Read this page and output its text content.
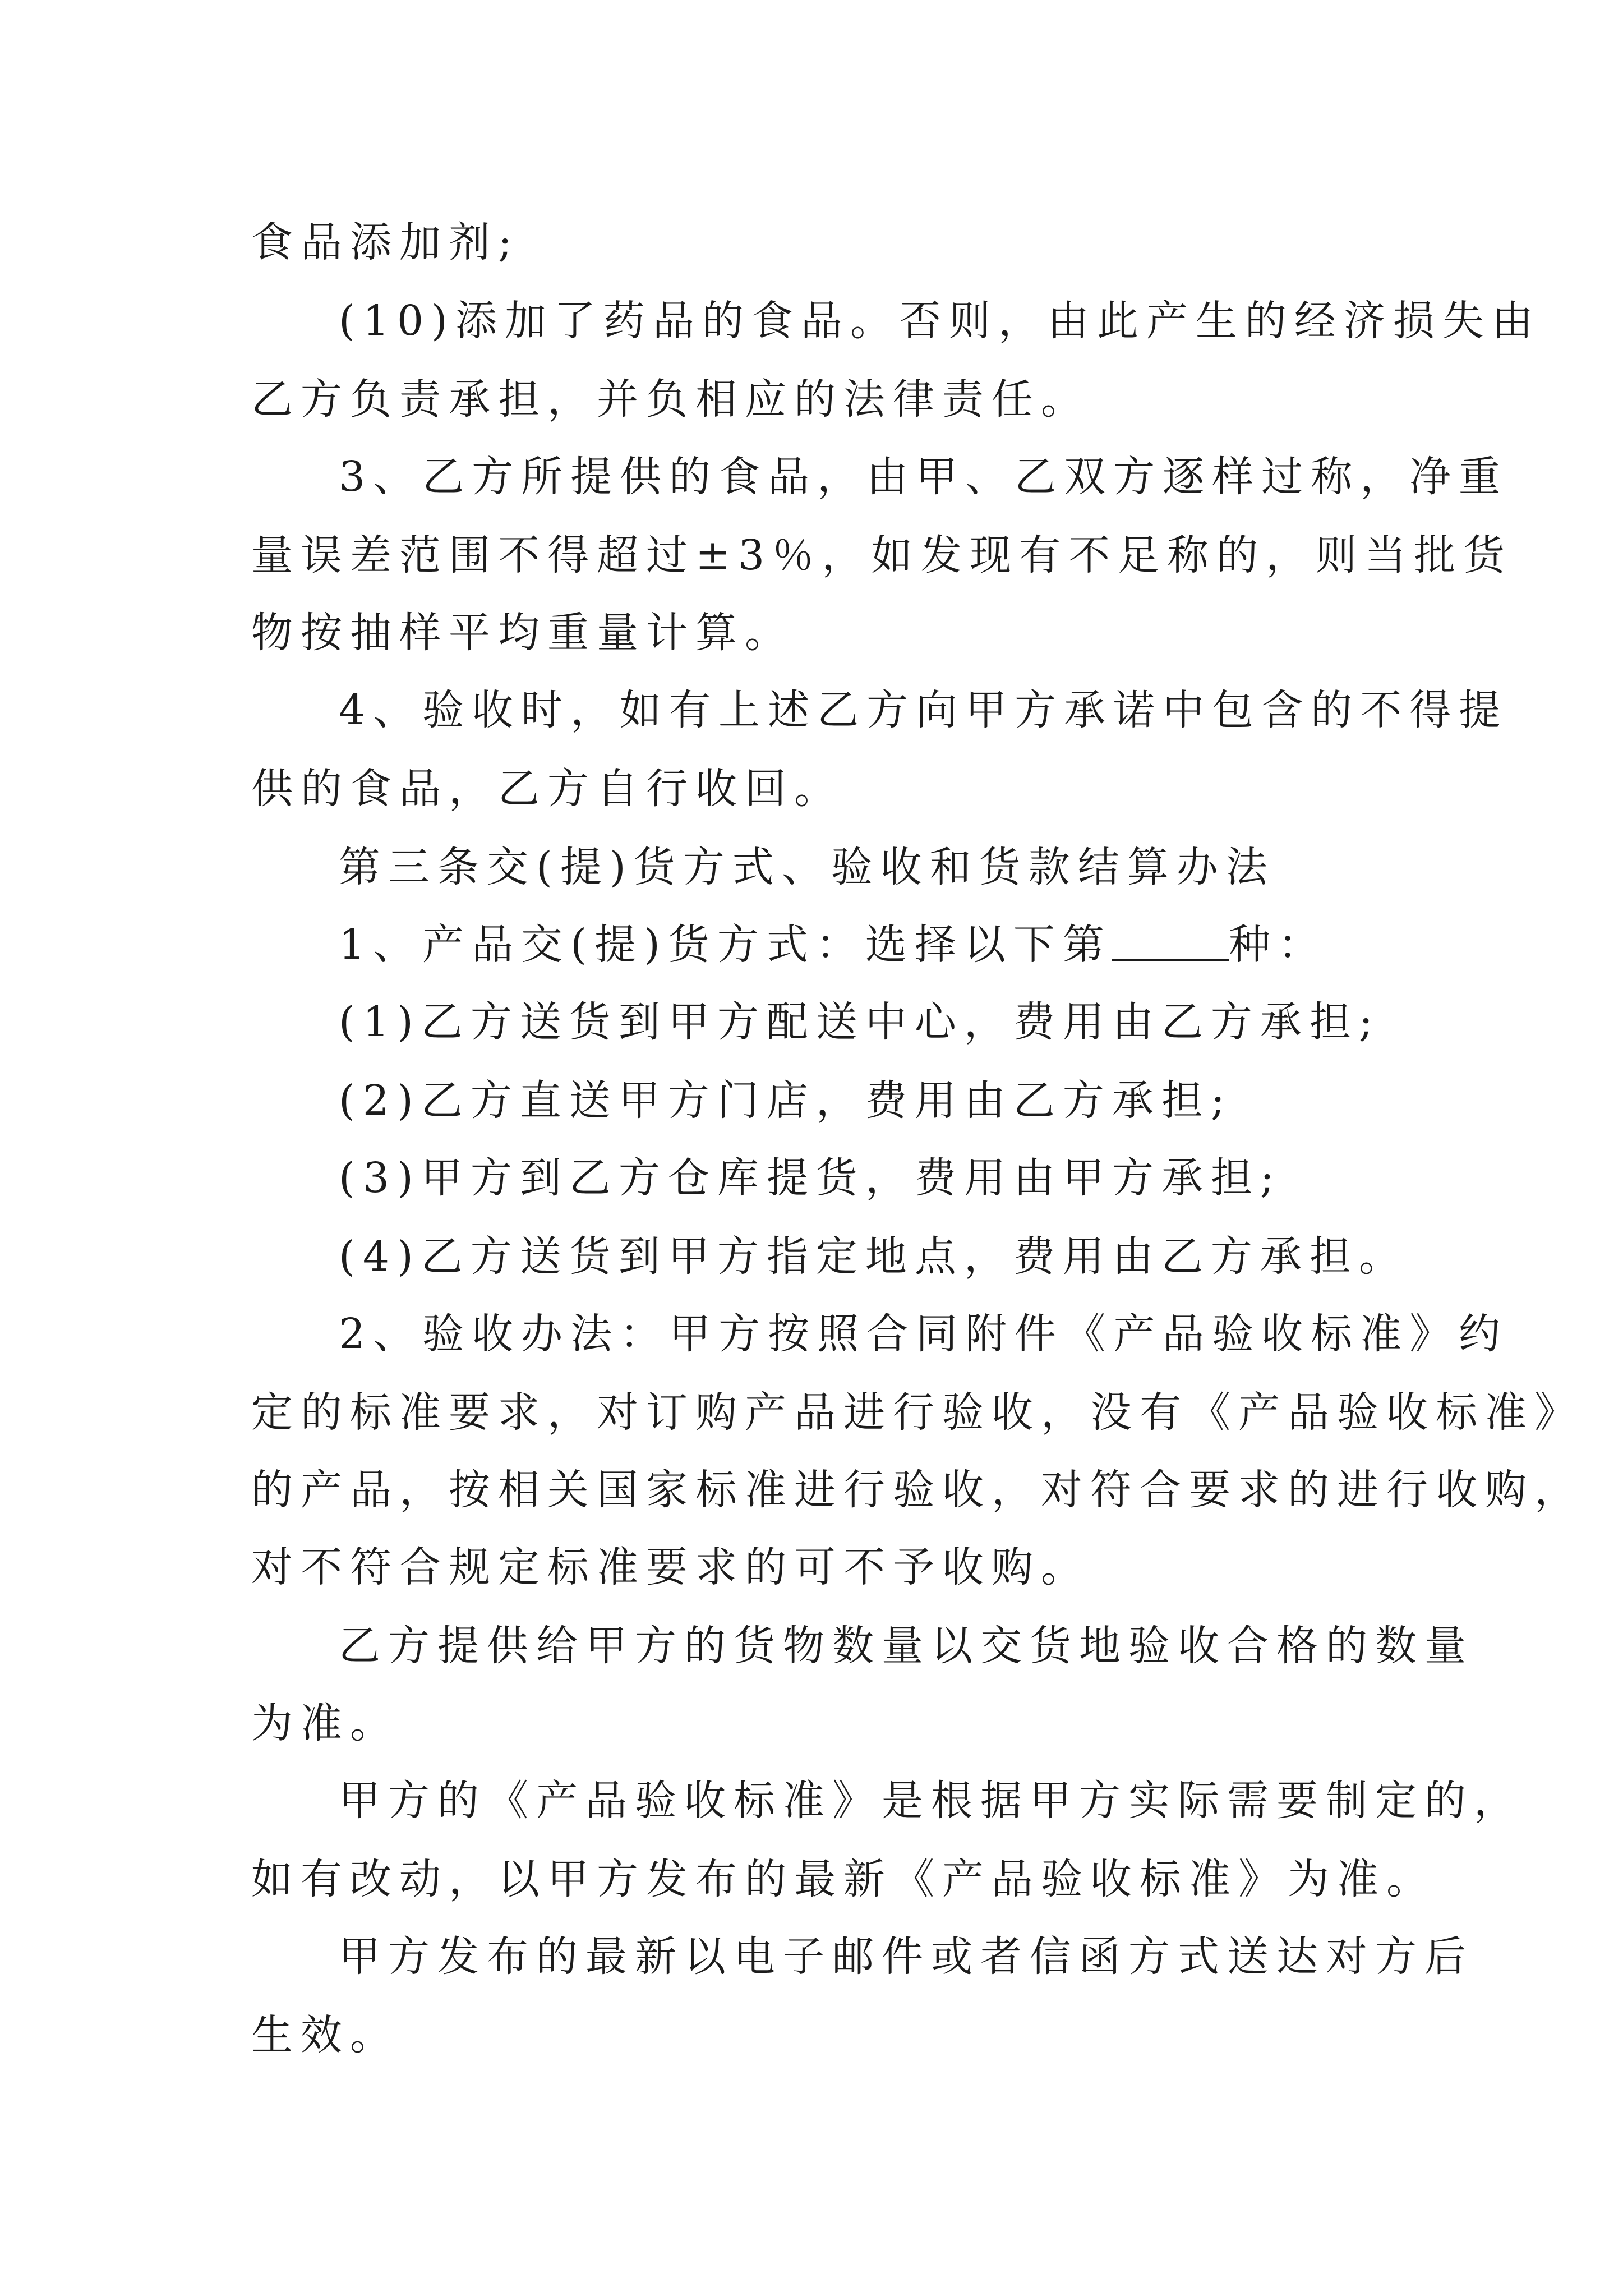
食品添加剂;
(10)添加了药品的食品。否则，由此产生的经济损失由
乙方负责承担，并负相应的法律责任。
3、乙方所提供的食品，由甲、乙双方逐样过称，净重
量误差范围不得超过±3％，如发现有不足称的，则当批货
物按抽样平均重量计算。
4、验收时，如有上述乙方向甲方承诺中包含的不得提
供的食品，乙方自行收回。
第三条交(提)货方式、验收和货款结算办法
1、产品交(提)货方式：选择以下第	种：
(1)乙方送货到甲方配送中心，费用由乙方承担;
(2)乙方直送甲方门店，费用由乙方承担;
(3)甲方到乙方仓库提货，费用由甲方承担;
(4)乙方送货到甲方指定地点，费用由乙方承担。
2、验收办法：甲方按照合同附件《产品验收标准》约
定的标准要求，对订购产品进行验收，没有《产品验收标准》
的产品，按相关国家标准进行验收，对符合要求的进行收购，
对不符合规定标准要求的可不予收购。
乙方提供给甲方的货物数量以交货地验收合格的数量
为准。
甲方的《产品验收标准》是根据甲方实际需要制定的，
如有改动，以甲方发布的最新《产品验收标准》为准。
甲方发布的最新以电子邮件或者信函方式送达对方后
生效。
